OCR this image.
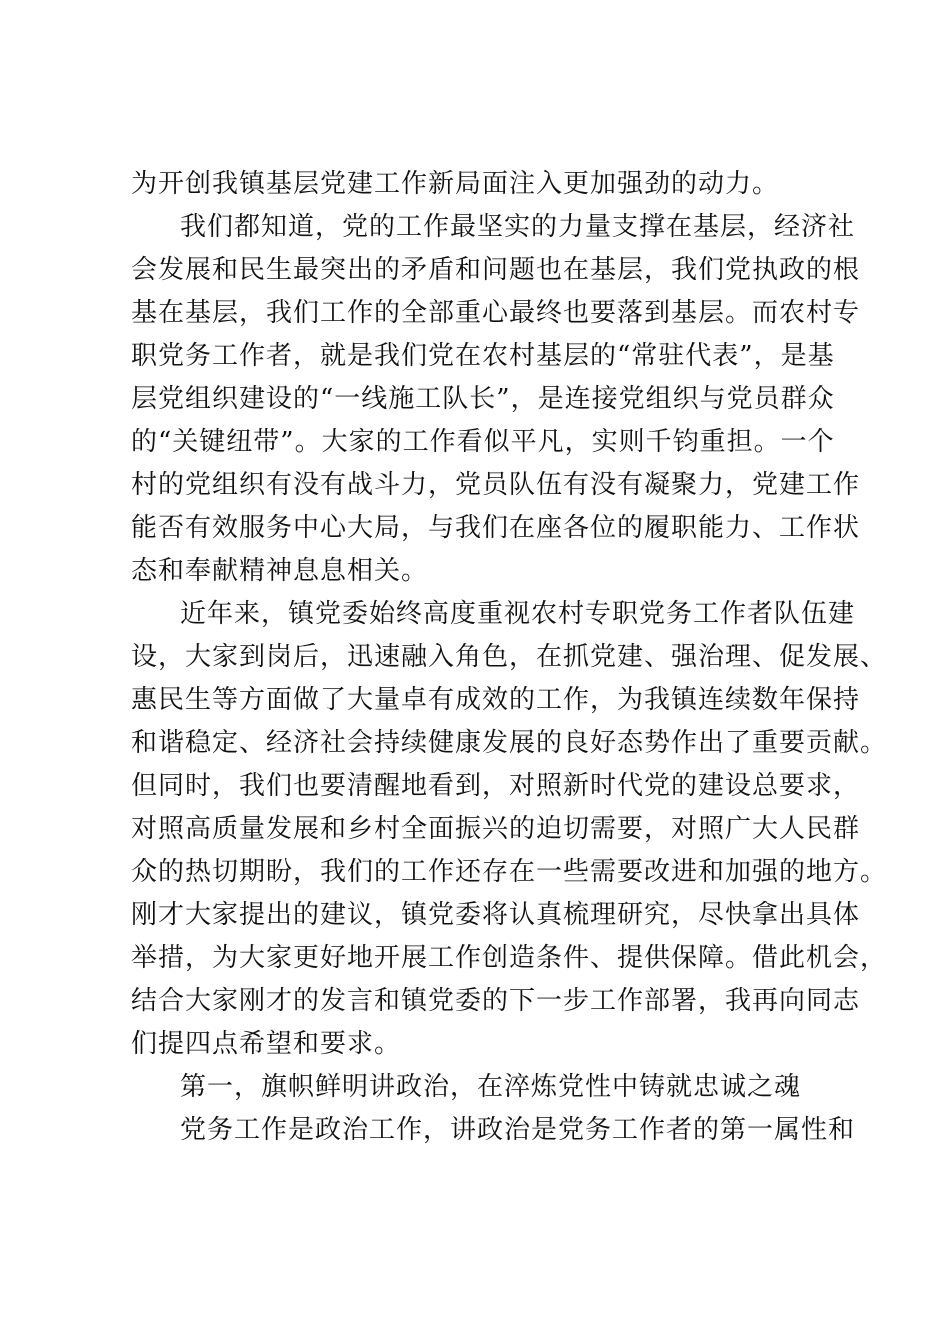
为开创我镇基层党建工作新局面注入更加强劲的动力。
我们都知道，党的工作最坚实的力量支撑在基层，经济社
会发展和民生最突出的矛盾和问题也在基层，我们党执政的根
基在基层，我们工作的全部重心最终也要落到基层。而农村专
职党务工作者，就是我们党在农村基层的“常驻代表”，是基
层党组织建设的“一线施工队长”，是连接党组织与党员群众
的“关键纽带”。大家的工作看似平凡，实则千钧重担。一个
村的党组织有没有战斗力，党员队伍有没有凝聚力，党建工作
能否有效服务中心大局，与我们在座各位的履职能力、工作状
态和奉献精神息息相关。
近年来，镇党委始终高度重视农村专职党务工作者队伍建
设，大家到岗后，迅速融入角色，在抓党建、强治理、促发展、
惠民生等方面做了大量卓有成效的工作，为我镇连续数年保持
和谐稳定、经济社会持续健康发展的良好态势作出了重要贡献。
但同时，我们也要清醒地看到，对照新时代党的建设总要求，
对照高质量发展和乡村全面振兴的迫切需要，对照广大人民群
众的热切期盼，我们的工作还存在一些需要改进和加强的地方。
刚才大家提出的建议，镇党委将认真梳理研究，尽快拿出具体
举措，为大家更好地开展工作创造条件、提供保障。借此机会，
结合大家刚才的发言和镇党委的下一步工作部署，我再向同志
们提四点希望和要求。
第一，旗帜鲜明讲政治，在淬炼党性中铸就忠诚之魂
党务工作是政治工作，讲政治是党务工作者的第一属性和
